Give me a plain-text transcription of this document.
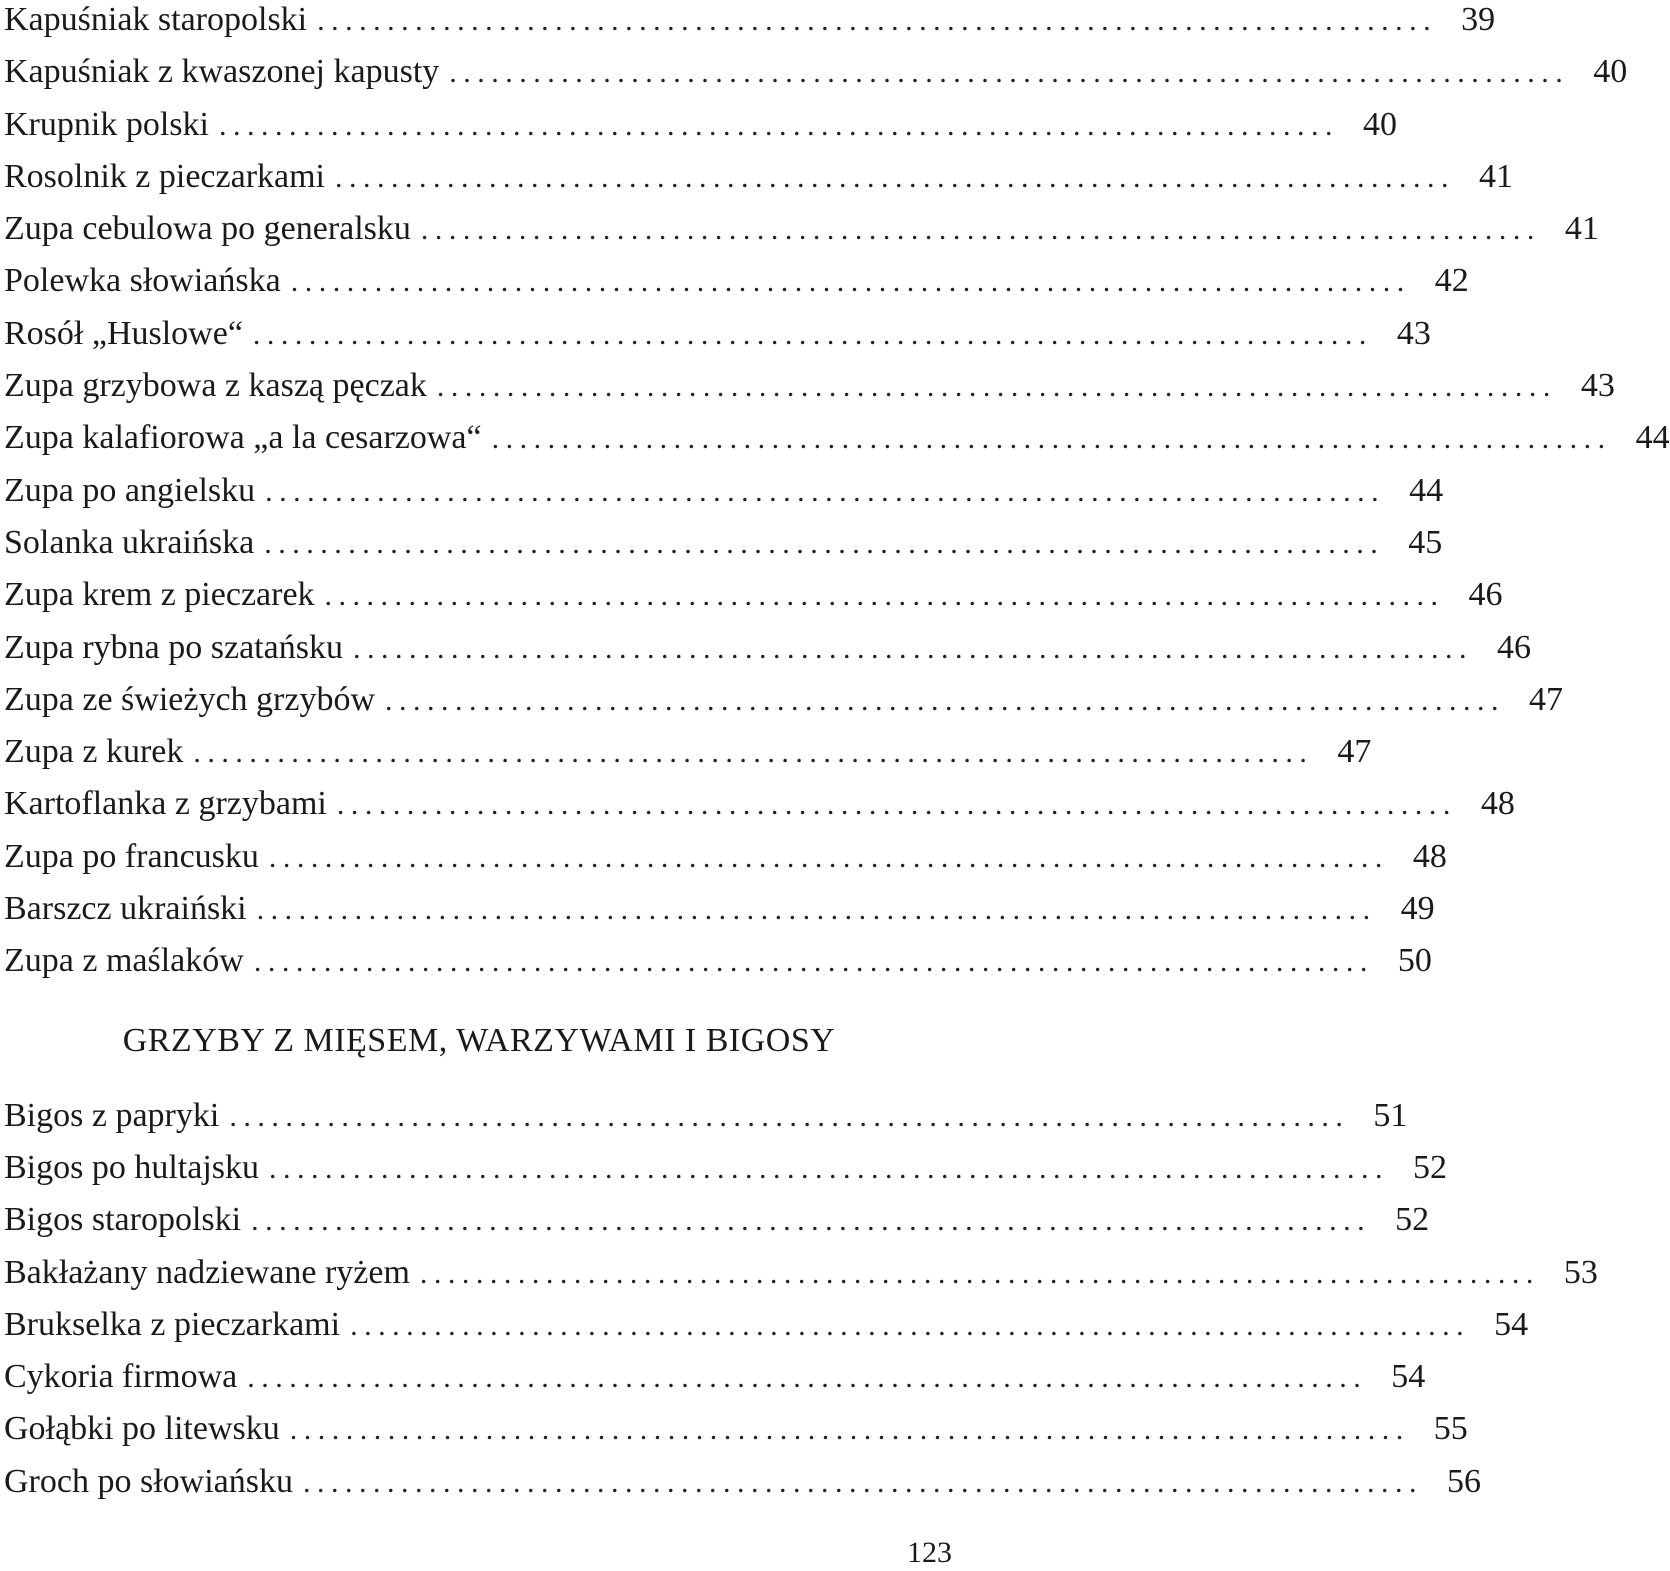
Kapuśniak staropolski ................................................................................ 39
Kapuśniak z kwaszonej kapusty ................................................................................ 40
Krupnik polski ................................................................................ 40
Rosolnik z pieczarkami ................................................................................ 41
Zupa cebulowa po generalsku ................................................................................ 41
Polewka słowiańska ................................................................................ 42
Rosół „Huslowe“ ................................................................................ 43
Zupa grzybowa z kaszą pęczak ................................................................................ 43
Zupa kalafiorowa „a la cesarzowa“ ................................................................................ 44
Zupa po angielsku ................................................................................ 44
Solanka ukraińska ................................................................................ 45
Zupa krem z pieczarek ................................................................................ 46
Zupa rybna po szatańsku ................................................................................ 46
Zupa ze świeżych grzybów ................................................................................ 47
Zupa z kurek ................................................................................ 47
Kartoflanka z grzybami ................................................................................ 48
Zupa po francusku ................................................................................ 48
Barszcz ukraiński ................................................................................ 49
Zupa z maślaków ................................................................................ 50
GRZYBY Z MIĘSEM, WARZYWAMI I BIGOSY
Bigos z papryki ................................................................................ 51
Bigos po hultajsku ................................................................................ 52
Bigos staropolski ................................................................................ 52
Bakłażany nadziewane ryżem ................................................................................ 53
Brukselka z pieczarkami ................................................................................ 54
Cykoria firmowa ................................................................................ 54
Gołąbki po litewsku ................................................................................ 55
Groch po słowiańsku ................................................................................ 56
123
